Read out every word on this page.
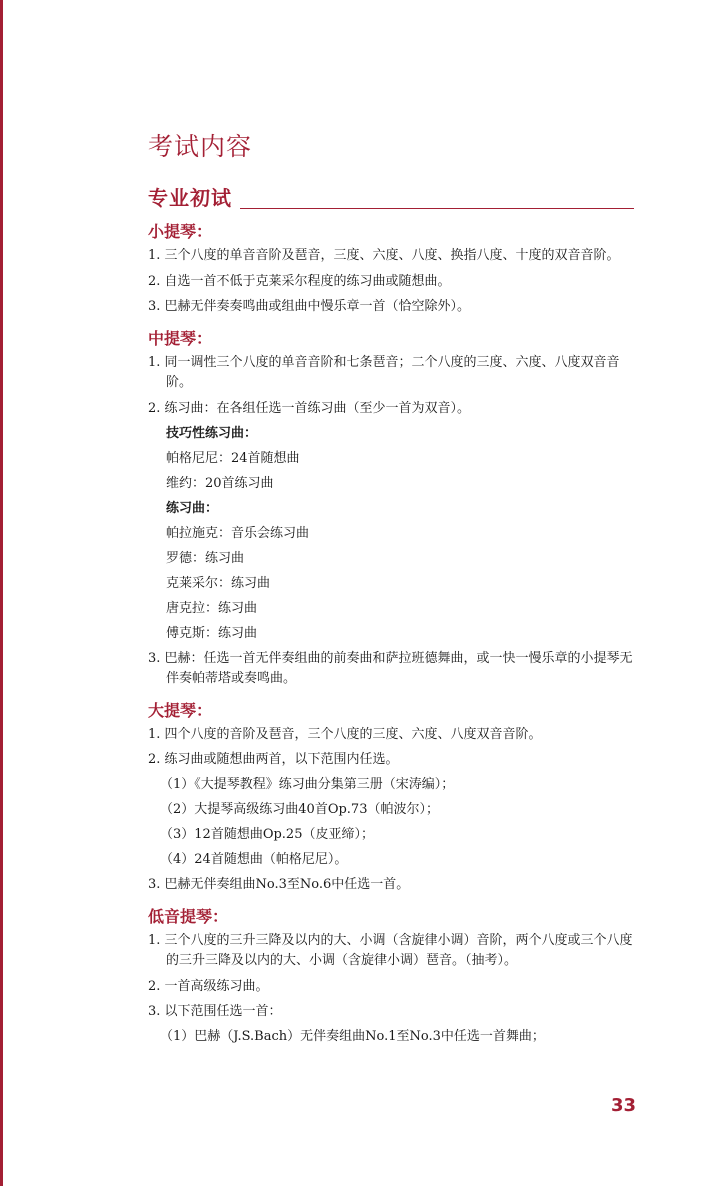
考试内容
专业初试
小提琴：
1. 三个八度的单音音阶及琶音，三度、六度、八度、换指八度、十度的双音音阶。
2. 自选一首不低于克莱采尔程度的练习曲或随想曲。
3. 巴赫无伴奏奏鸣曲或组曲中慢乐章一首（恰空除外）。
中提琴：
1. 同一调性三个八度的单音音阶和七条琶音；二个八度的三度、六度、八度双音音阶。
2. 练习曲：在各组任选一首练习曲（至少一首为双音）。
技巧性练习曲：
帕格尼尼：24首随想曲
维约：20首练习曲
练习曲：
帕拉施克：音乐会练习曲
罗德：练习曲
克莱采尔：练习曲
唐克拉：练习曲
傅克斯：练习曲
3. 巴赫：任选一首无伴奏组曲的前奏曲和萨拉班德舞曲，或一快一慢乐章的小提琴无伴奏帕蒂塔或奏鸣曲。
大提琴：
1. 四个八度的音阶及琶音，三个八度的三度、六度、八度双音音阶。
2. 练习曲或随想曲两首，以下范围内任选。
（1）《大提琴教程》练习曲分集第三册（宋涛编）；
（2）大提琴高级练习曲40首Op.73（帕波尔）；
（3）12首随想曲Op.25（皮亚缔）；
（4）24首随想曲（帕格尼尼）。
3. 巴赫无伴奏组曲No.3至No.6中任选一首。
低音提琴：
1. 三个八度的三升三降及以内的大、小调（含旋律小调）音阶，两个八度或三个八度的三升三降及以内的大、小调（含旋律小调）琶音。（抽考）。
2. 一首高级练习曲。
3. 以下范围任选一首：
（1）巴赫（J.S.Bach）无伴奏组曲No.1至No.3中任选一首舞曲；
33
